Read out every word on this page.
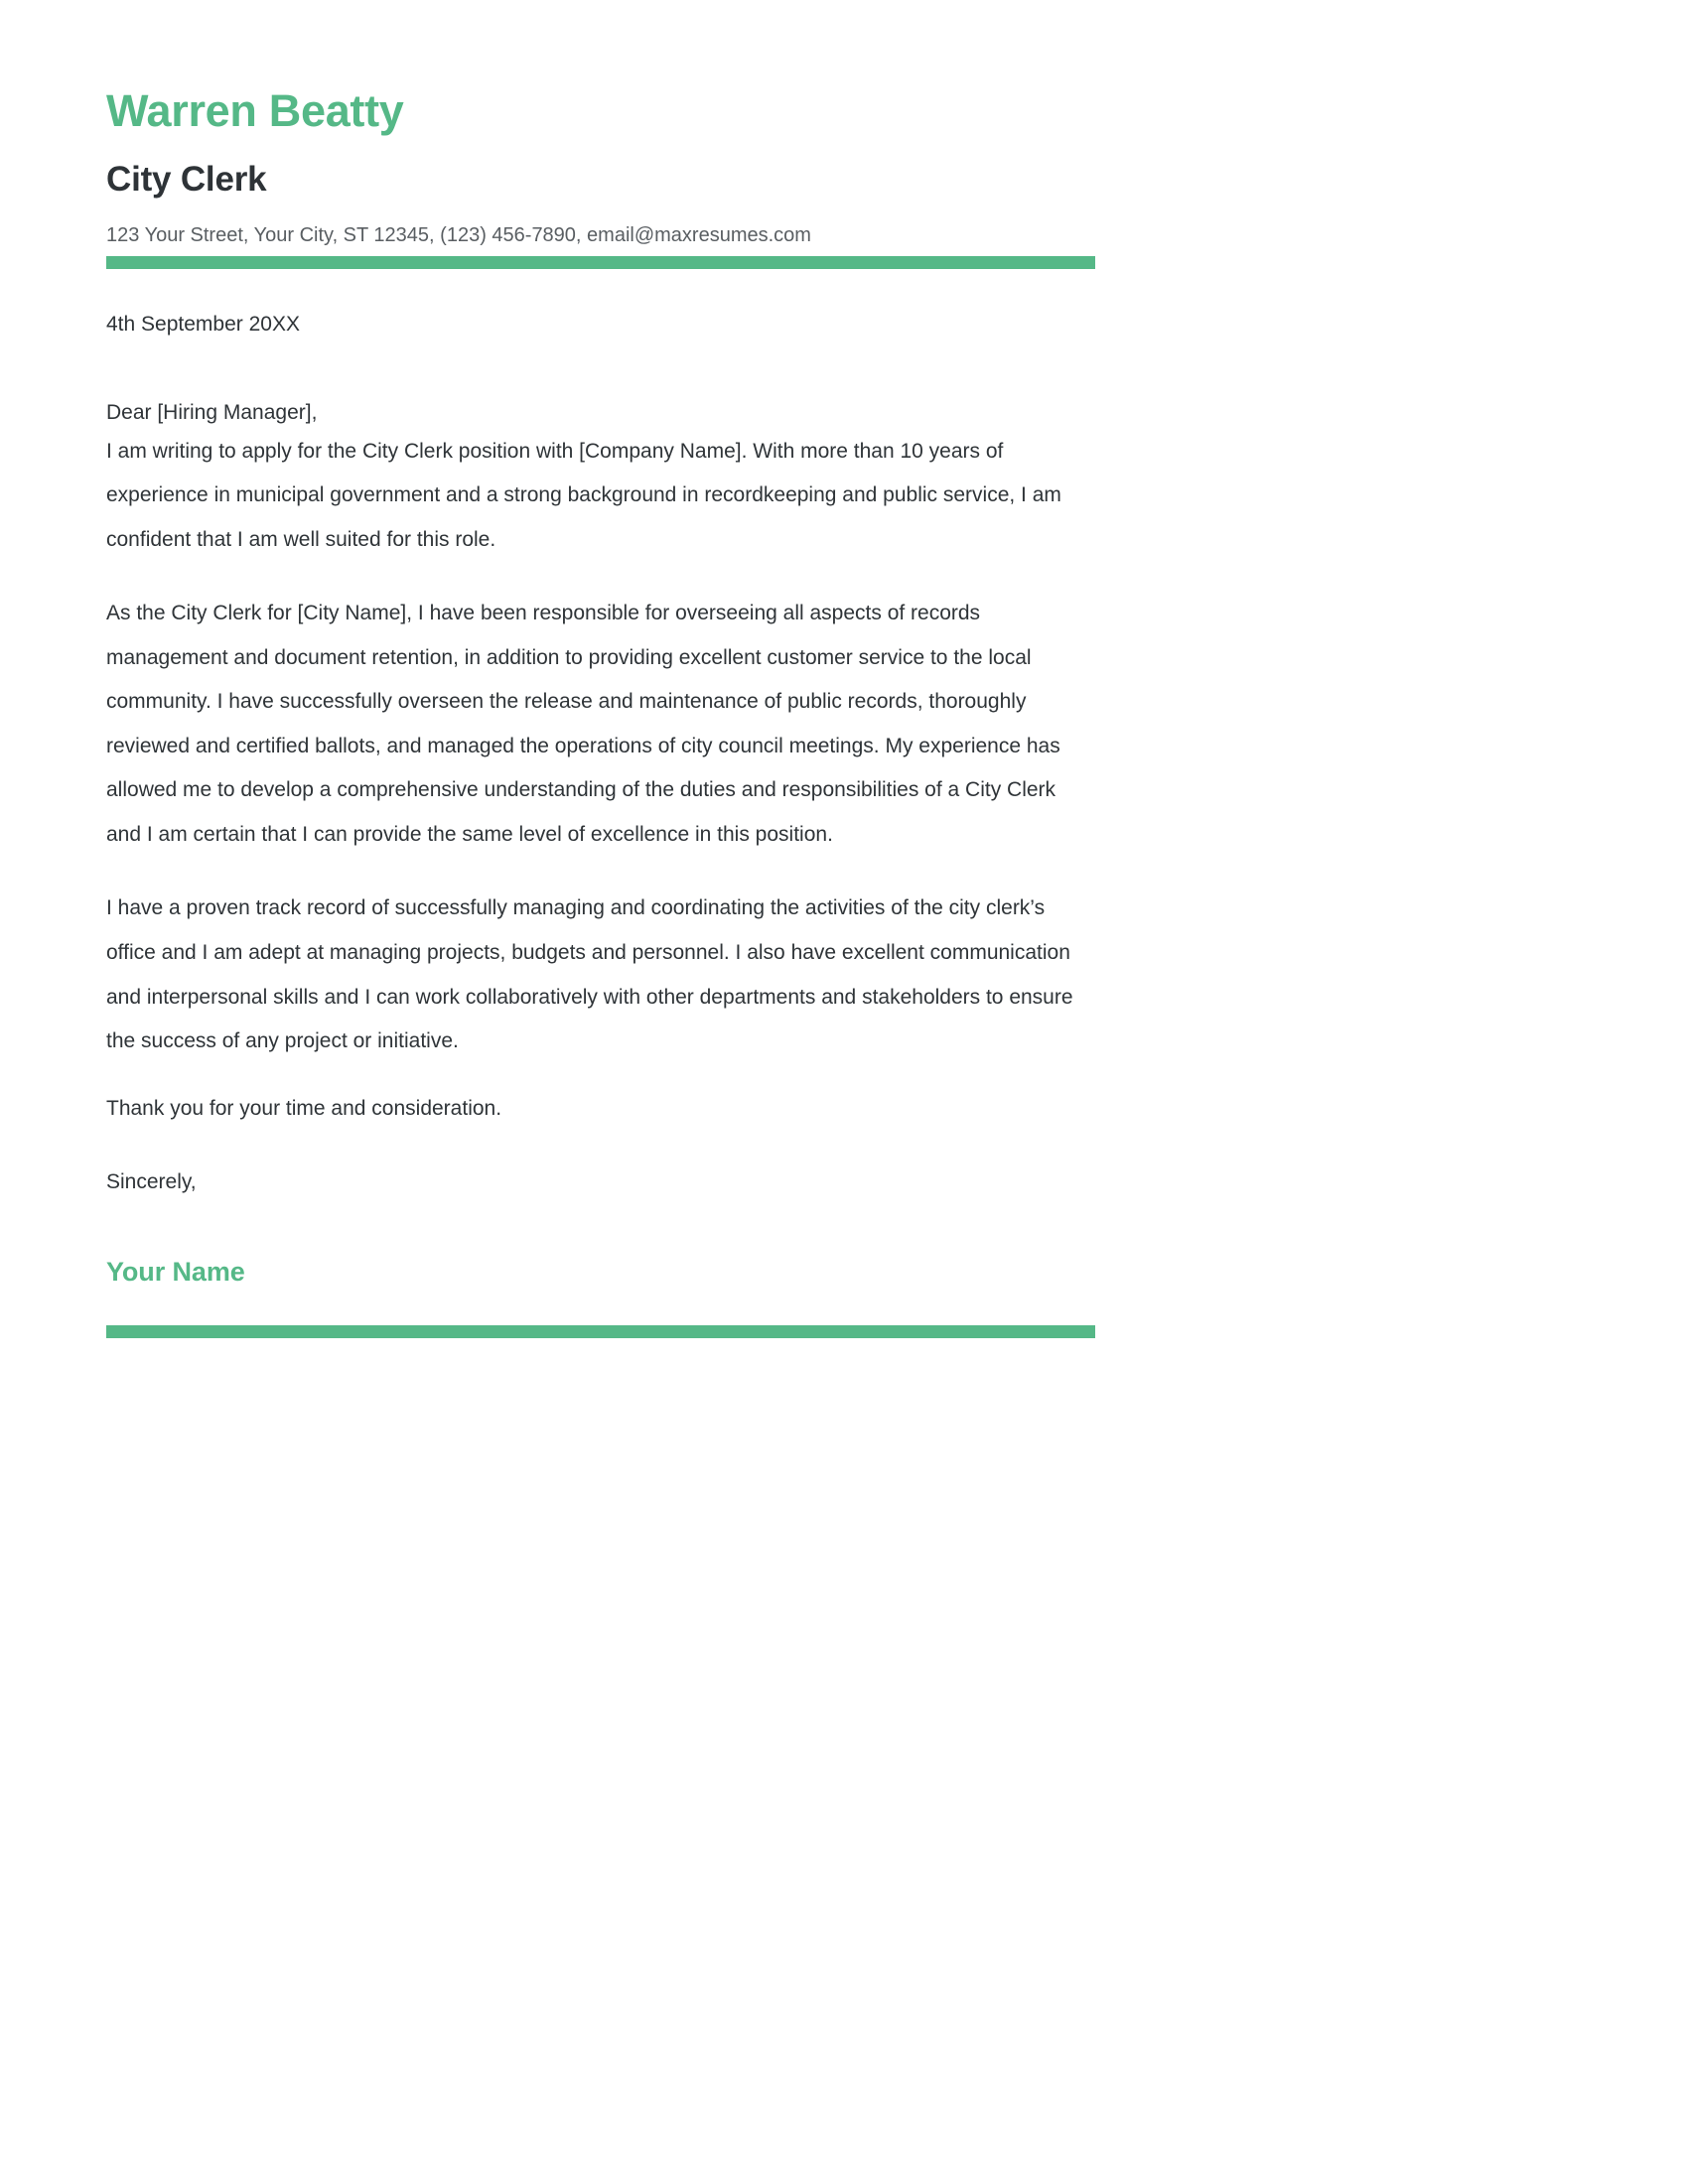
Warren Beatty
City Clerk

123 Your Street, Your City, ST 12345, (123) 456-7890, email@maxresumes.com

4th September 20XX

Dear [Hiring Manager],

I am writing to apply for the City Clerk position with [Company Name]. With more than 10 years of experience in municipal government and a strong background in recordkeeping and public service, I am confident that I am well suited for this role.

As the City Clerk for [City Name], I have been responsible for overseeing all aspects of records management and document retention, in addition to providing excellent customer service to the local community. I have successfully overseen the release and maintenance of public records, thoroughly reviewed and certified ballots, and managed the operations of city council meetings. My experience has allowed me to develop a comprehensive understanding of the duties and responsibilities of a City Clerk and I am certain that I can provide the same level of excellence in this position.

I have a proven track record of successfully managing and coordinating the activities of the city clerk’s office and I am adept at managing projects, budgets and personnel. I also have excellent communication and interpersonal skills and I can work collaboratively with other departments and stakeholders to ensure the success of any project or initiative.

Thank you for your time and consideration.

Sincerely,

Your Name
